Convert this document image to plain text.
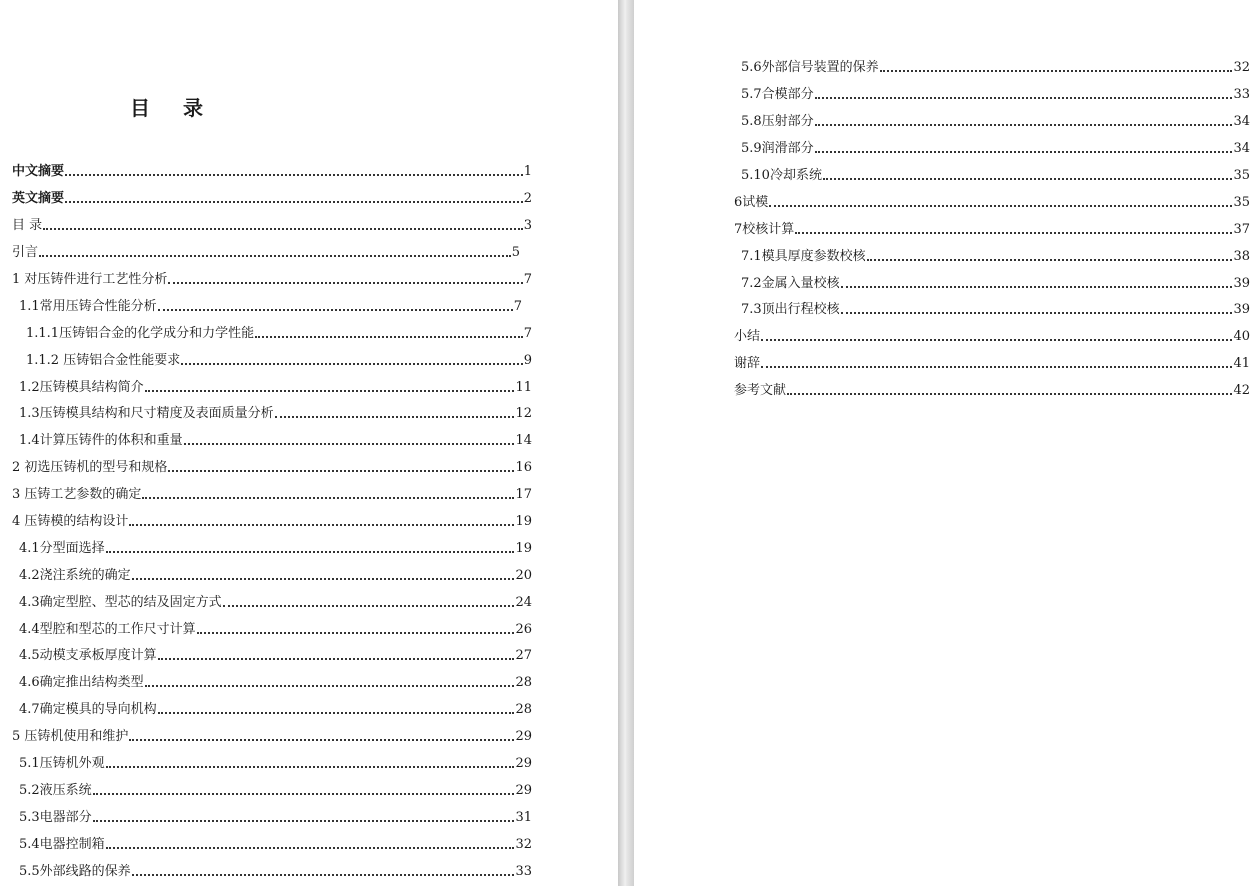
目 录
中文摘要	1
英文摘要	2
目 录	3
引言	5
1 对压铸件进行工艺性分析	7
1.1常用压铸合性能分析	7
1.1.1压铸铝合金的化学成分和力学性能	7
1.1.2 压铸铝合金性能要求	9
1.2压铸模具结构简介	11
1.3压铸模具结构和尺寸精度及表面质量分析	12
1.4计算压铸件的体积和重量	14
2 初选压铸机的型号和规格	16
3 压铸工艺参数的确定	17
4 压铸模的结构设计	19
4.1分型面选择	19
4.2浇注系统的确定	20
4.3确定型腔、型芯的结及固定方式	24
4.4型腔和型芯的工作尺寸计算	26
4.5动模支承板厚度计算	27
4.6确定推出结构类型	28
4.7确定模具的导向机构	28
5 压铸机使用和维护	29
5.1压铸机外观	29
5.2液压系统	29
5.3电器部分	31
5.4电器控制箱	32
5.5外部线路的保养	33
5.6外部信号装置的保养	32
5.7合模部分	33
5.8压射部分	34
5.9润滑部分	34
5.10冷却系统	35
6试模	35
7校核计算	37
7.1模具厚度参数校核	38
7.2金属入量校核	39
7.3顶出行程校核	39
小结	40
谢辞	41
参考文献	42
